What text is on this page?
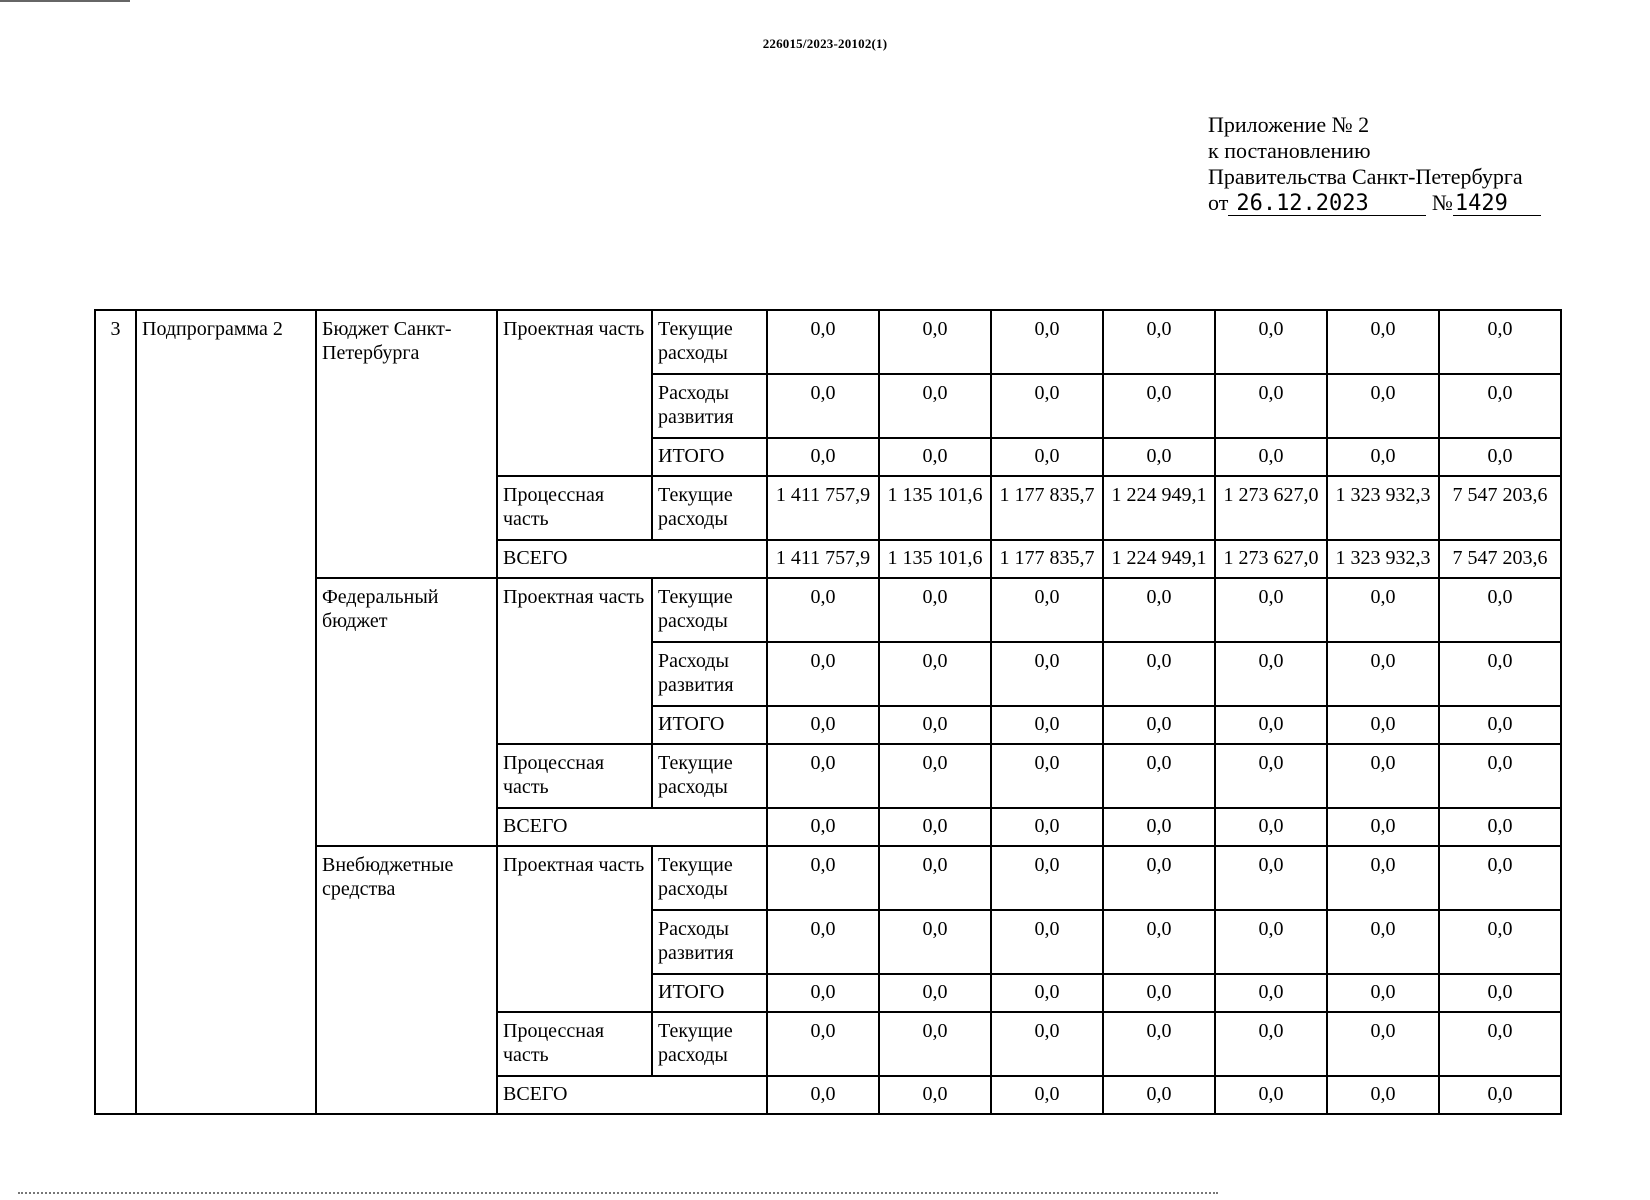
226015/2023-20102(1)
Приложение № 2
к постановлению
Правительства Санкт-Петербурга
от 26.12.2023	№1429
3	Подпрограмма 2	Бюджет Санкт-Петербурга	Проектная часть	Текущие расходы	0,0	0,0	0,0	0,0	0,0	0,0	0,0
				Расходы развития	0,0	0,0	0,0	0,0	0,0	0,0	0,0
				ИТОГО	0,0	0,0	0,0	0,0	0,0	0,0	0,0
			Процессная часть	Текущие расходы	1 411 757,9	1 135 101,6	1 177 835,7	1 224 949,1	1 273 627,0	1 323 932,3	7 547 203,6
			ВСЕГО		1 411 757,9	1 135 101,6	1 177 835,7	1 224 949,1	1 273 627,0	1 323 932,3	7 547 203,6
		Федеральный бюджет	Проектная часть	Текущие расходы	0,0	0,0	0,0	0,0	0,0	0,0	0,0
				Расходы развития	0,0	0,0	0,0	0,0	0,0	0,0	0,0
				ИТОГО	0,0	0,0	0,0	0,0	0,0	0,0	0,0
			Процессная часть	Текущие расходы	0,0	0,0	0,0	0,0	0,0	0,0	0,0
			ВСЕГО		0,0	0,0	0,0	0,0	0,0	0,0	0,0
		Внебюджетные средства	Проектная часть	Текущие расходы	0,0	0,0	0,0	0,0	0,0	0,0	0,0
				Расходы развития	0,0	0,0	0,0	0,0	0,0	0,0	0,0
				ИТОГО	0,0	0,0	0,0	0,0	0,0	0,0	0,0
			Процессная часть	Текущие расходы	0,0	0,0	0,0	0,0	0,0	0,0	0,0
			ВСЕГО		0,0	0,0	0,0	0,0	0,0	0,0	0,0
